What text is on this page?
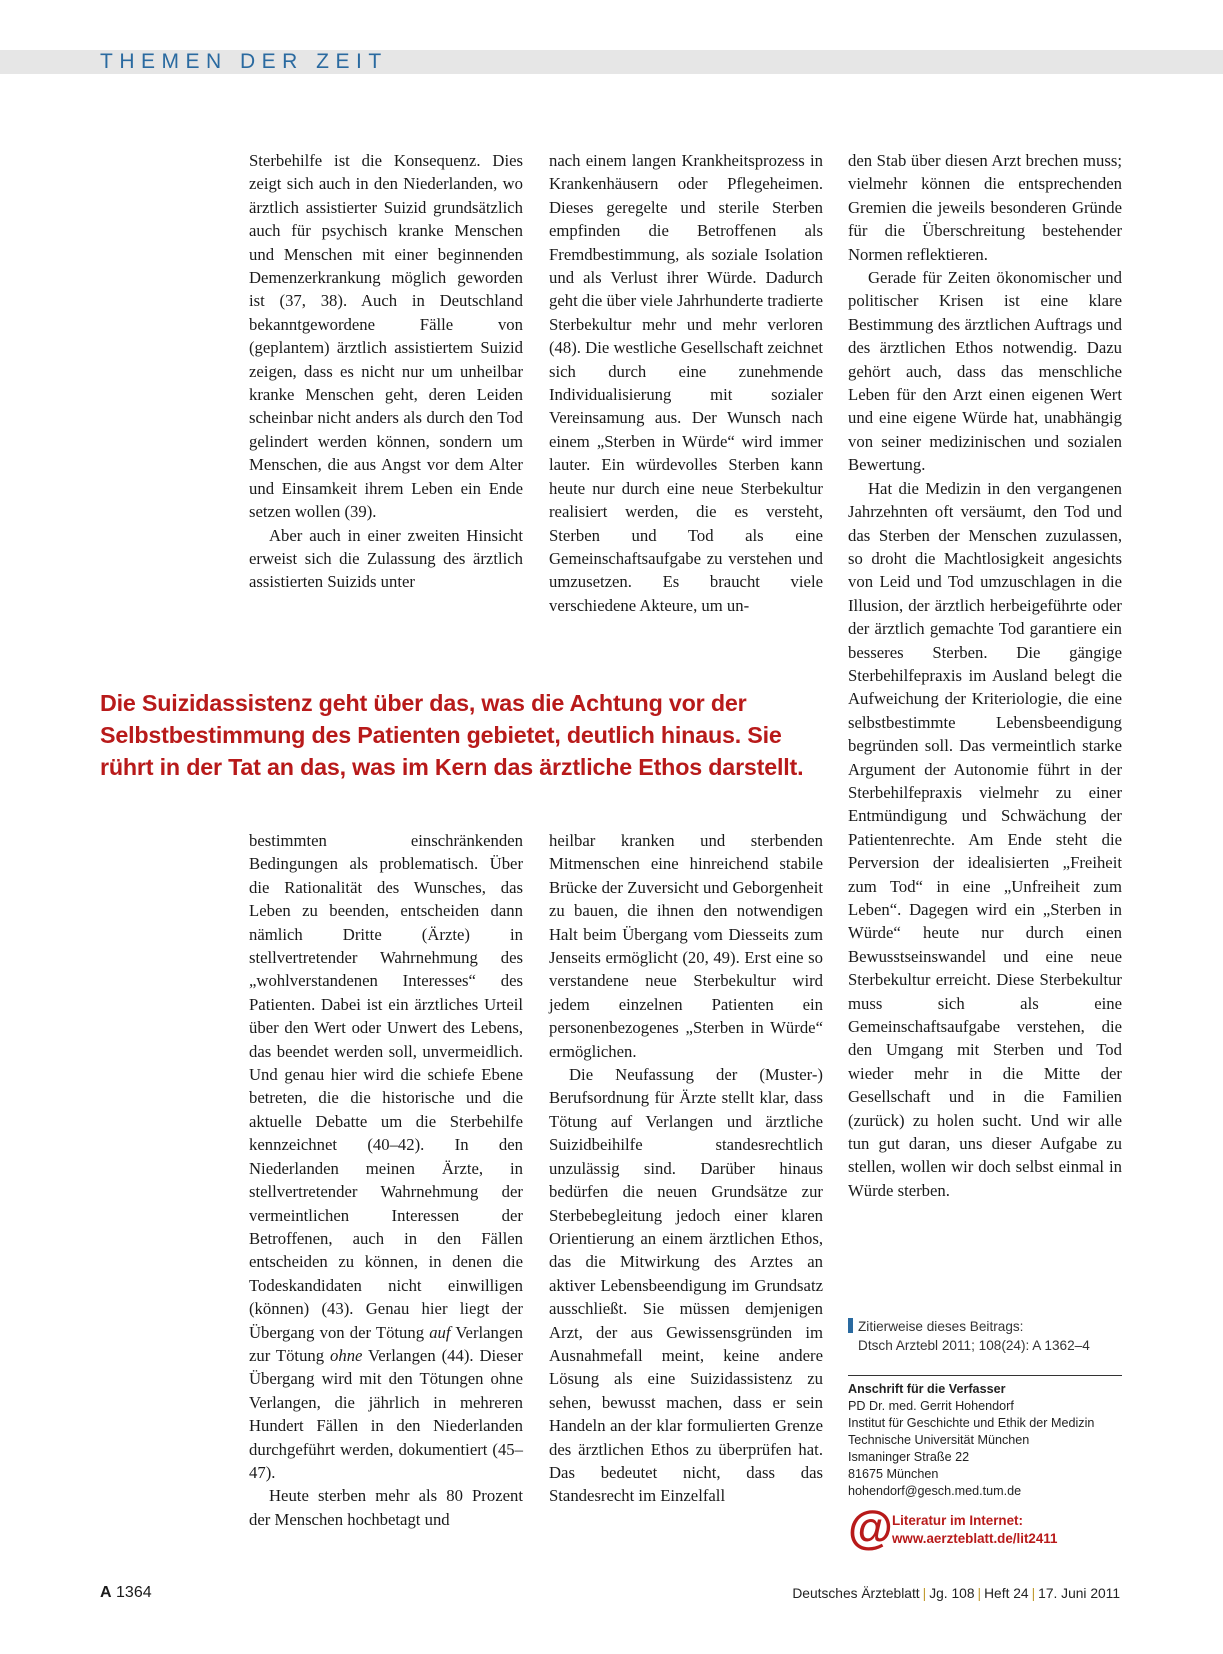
THEMEN DER ZEIT

Sterbehilfe ist die Konsequenz. Dies zeigt sich auch in den Niederlanden, wo ärztlich assistierter Suizid grundsätzlich auch für psychisch kranke Menschen und Menschen mit einer beginnenden Demenzerkrankung möglich geworden ist (37, 38). Auch in Deutschland bekanntgewordene Fälle von (geplantem) ärztlich assistiertem Suizid zeigen, dass es nicht nur um unheilbar kranke Menschen geht, deren Leiden scheinbar nicht anders als durch den Tod gelindert werden können, sondern um Menschen, die aus Angst vor dem Alter und Einsamkeit ihrem Leben ein Ende setzen wollen (39).

Aber auch in einer zweiten Hinsicht erweist sich die Zulassung des ärztlich assistierten Suizids unter

nach einem langen Krankheitsprozess in Krankenhäusern oder Pflegeheimen. Dieses geregelte und sterile Sterben empfinden die Betroffenen als Fremdbestimmung, als soziale Isolation und als Verlust ihrer Würde. Dadurch geht die über viele Jahrhunderte tradierte Sterbekultur mehr und mehr verloren (48). Die westliche Gesellschaft zeichnet sich durch eine zunehmende Individualisierung mit sozialer Vereinsamung aus. Der Wunsch nach einem „Sterben in Würde“ wird immer lauter. Ein würdevolles Sterben kann heute nur durch eine neue Sterbekultur realisiert werden, die es versteht, Sterben und Tod als eine Gemeinschaftsaufgabe zu verstehen und umzusetzen. Es braucht viele verschiedene Akteure, um un-

den Stab über diesen Arzt brechen muss; vielmehr können die entsprechenden Gremien die jeweils besonderen Gründe für die Überschreitung bestehender Normen reflektieren.

Gerade für Zeiten ökonomischer und politischer Krisen ist eine klare Bestimmung des ärztlichen Auftrags und des ärztlichen Ethos notwendig. Dazu gehört auch, dass das menschliche Leben für den Arzt einen eigenen Wert und eine eigene Würde hat, unabhängig von seiner medizinischen und sozialen Bewertung.

Hat die Medizin in den vergangenen Jahrzehnten oft versäumt, den Tod und das Sterben der Menschen zuzulassen, so droht die Machtlosigkeit angesichts von Leid und Tod umzuschlagen in die Illusion, der ärztlich herbeigeführte oder der ärztlich gemachte Tod garantiere ein besseres Sterben. Die gängige Sterbehilfepraxis im Ausland belegt die Aufweichung der Kriteriologie, die eine selbstbestimmte Lebensbeendigung begründen soll. Das vermeintlich starke Argument der Autonomie führt in der Sterbehilfepraxis vielmehr zu einer Entmündigung und Schwächung der Patientenrechte. Am Ende steht die Perversion der idealisierten „Freiheit zum Tod“ in eine „Unfreiheit zum Leben“. Dagegen wird ein „Sterben in Würde“ heute nur durch einen Bewusstseinswandel und eine neue Sterbekultur erreicht. Diese Sterbekultur muss sich als eine Gemeinschaftsaufgabe verstehen, die den Umgang mit Sterben und Tod wieder mehr in die Mitte der Gesellschaft und in die Familien (zurück) zu holen sucht. Und wir alle tun gut daran, uns dieser Aufgabe zu stellen, wollen wir doch selbst einmal in Würde sterben.

Die Suizidassistenz geht über das, was die Achtung vor der
Selbstbestimmung des Patienten gebietet, deutlich hinaus. Sie
rührt in der Tat an das, was im Kern das ärztliche Ethos darstellt.

bestimmten einschränkenden Bedingungen als problematisch. Über die Rationalität des Wunsches, das Leben zu beenden, entscheiden dann nämlich Dritte (Ärzte) in stellvertretender Wahrnehmung des „wohlverstandenen Interesses“ des Patienten. Dabei ist ein ärztliches Urteil über den Wert oder Unwert des Lebens, das beendet werden soll, unvermeidlich. Und genau hier wird die schiefe Ebene betreten, die die historische und die aktuelle Debatte um die Sterbehilfe kennzeichnet (40–42). In den Niederlanden meinen Ärzte, in stellvertretender Wahrnehmung der vermeintlichen Interessen der Betroffenen, auch in den Fällen entscheiden zu können, in denen die Todeskandidaten nicht einwilligen (können) (43). Genau hier liegt der Übergang von der Tötung auf Verlangen zur Tötung ohne Verlangen (44). Dieser Übergang wird mit den Tötungen ohne Verlangen, die jährlich in mehreren Hundert Fällen in den Niederlanden durchgeführt werden, dokumentiert (45–47).

Heute sterben mehr als 80 Prozent der Menschen hochbetagt und

heilbar kranken und sterbenden Mitmenschen eine hinreichend stabile Brücke der Zuversicht und Geborgenheit zu bauen, die ihnen den notwendigen Halt beim Übergang vom Diesseits zum Jenseits ermöglicht (20, 49). Erst eine so verstandene neue Sterbekultur wird jedem einzelnen Patienten ein personenbezogenes „Sterben in Würde“ ermöglichen.

Die Neufassung der (Muster-) Berufsordnung für Ärzte stellt klar, dass Tötung auf Verlangen und ärztliche Suizidbeihilfe standesrechtlich unzulässig sind. Darüber hinaus bedürfen die neuen Grundsätze zur Sterbebegleitung jedoch einer klaren Orientierung an einem ärztlichen Ethos, das die Mitwirkung des Arztes an aktiver Lebensbeendigung im Grundsatz ausschließt. Sie müssen demjenigen Arzt, der aus Gewissensgründen im Ausnahmefall meint, keine andere Lösung als eine Suizidassistenz zu sehen, bewusst machen, dass er sein Handeln an der klar formulierten Grenze des ärztlichen Ethos zu überprüfen hat. Das bedeutet nicht, dass das Standesrecht im Einzelfall

Zitierweise dieses Beitrags:
Dtsch Arztebl 2011; 108(24): A 1362–4
Anschrift für die Verfasser
PD Dr. med. Gerrit Hohendorf
Institut für Geschichte und Ethik der Medizin
Technische Universität München
Ismaninger Straße 22
81675 München
hohendorf@gesch.med.tum.de
@ Literatur im Internet:
www.aerzteblatt.de/lit2411
A 1364	Deutsches Ärzteblatt | Jg. 108 | Heft 24 | 17. Juni 2011
